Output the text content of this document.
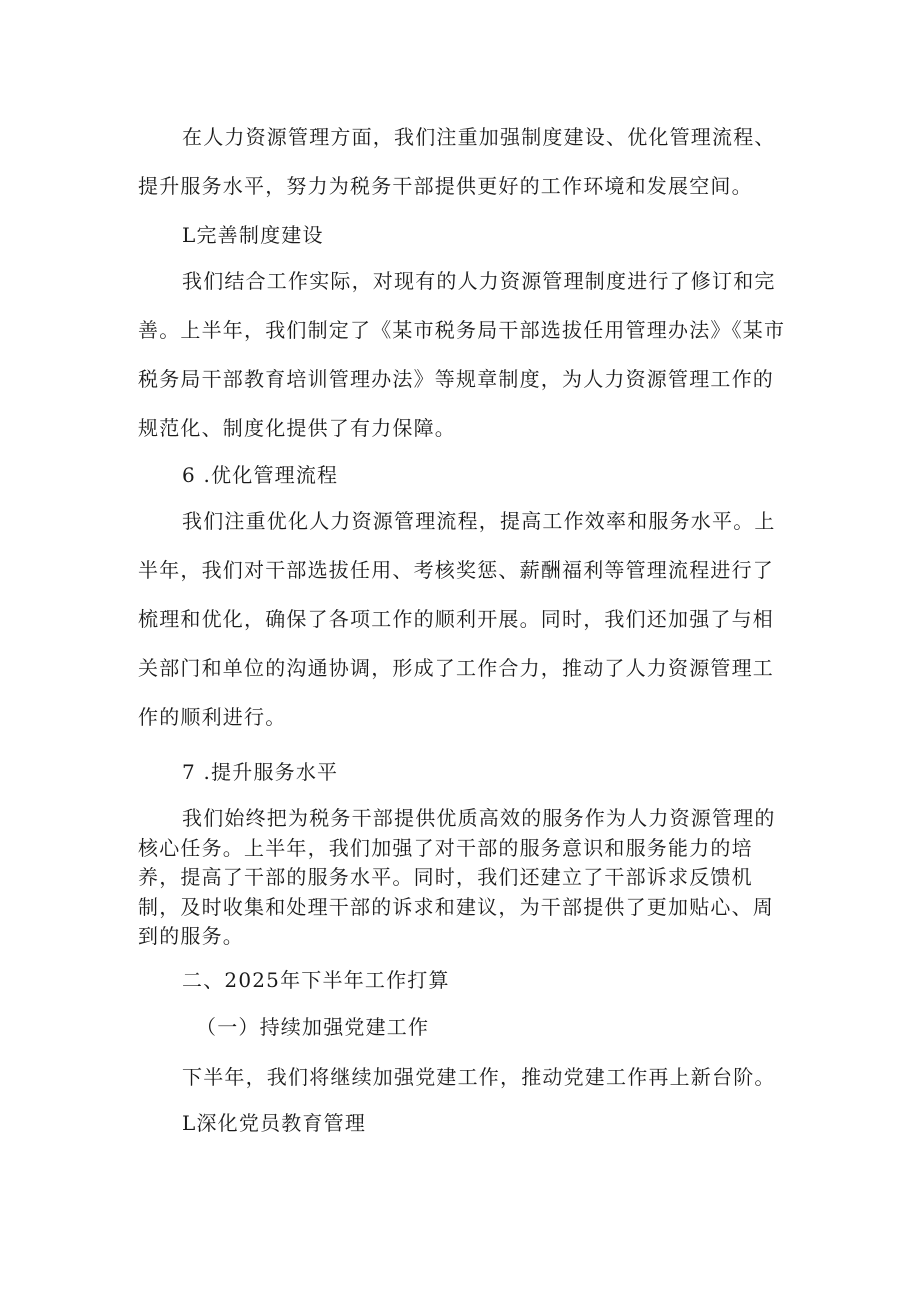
在人力资源管理方面，我们注重加强制度建设、优化管理流程、提升服务水平，努力为税务干部提供更好的工作环境和发展空间。

L完善制度建设

我们结合工作实际，对现有的人力资源管理制度进行了修订和完善。上半年，我们制定了《某市税务局干部选拔任用管理办法》《某市税务局干部教育培训管理办法》等规章制度，为人力资源管理工作的规范化、制度化提供了有力保障。

6 .优化管理流程

我们注重优化人力资源管理流程，提高工作效率和服务水平。上半年，我们对干部选拔任用、考核奖惩、薪酬福利等管理流程进行了梳理和优化，确保了各项工作的顺利开展。同时，我们还加强了与相关部门和单位的沟通协调，形成了工作合力，推动了人力资源管理工作的顺利进行。

7 .提升服务水平

我们始终把为税务干部提供优质高效的服务作为人力资源管理的核心任务。上半年，我们加强了对干部的服务意识和服务能力的培养，提高了干部的服务水平。同时，我们还建立了干部诉求反馈机制，及时收集和处理干部的诉求和建议，为干部提供了更加贴心、周到的服务。

二、2025年下半年工作打算

（一）持续加强党建工作

下半年，我们将继续加强党建工作，推动党建工作再上新台阶。

L深化党员教育管理
